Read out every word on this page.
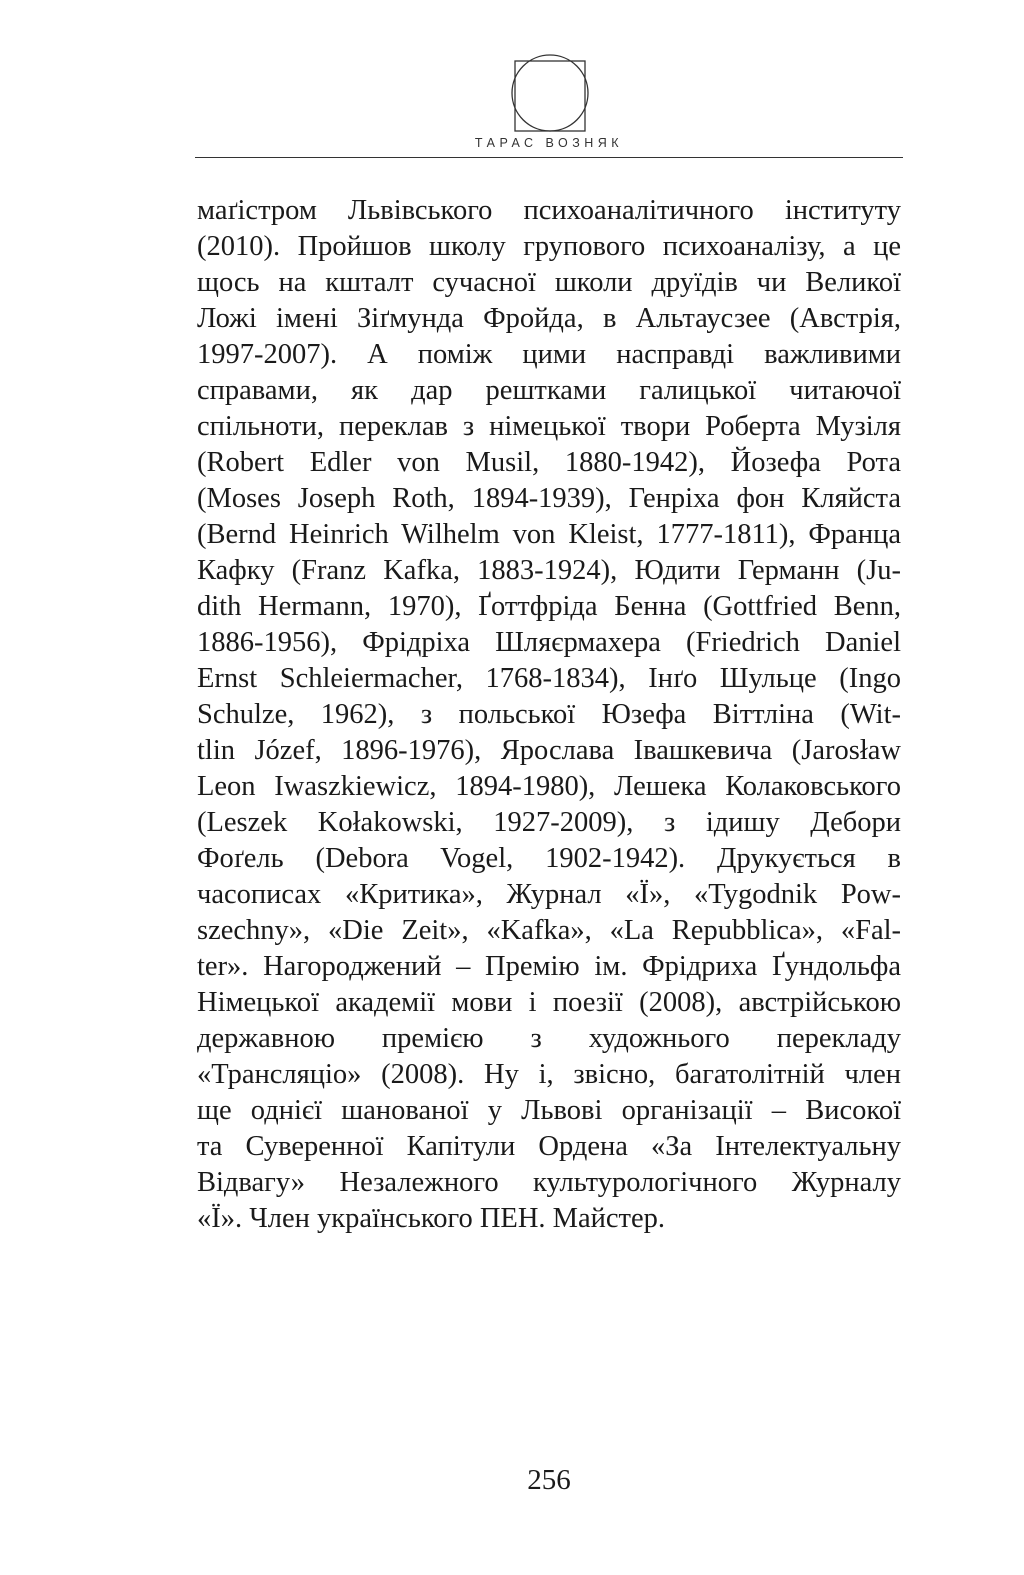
ТАРАС ВОЗНЯК
маґістром Львівського психоаналітичного інституту
(2010). Пройшов школу групового психоаналізу, а це
щось на кшталт сучасної школи друїдів чи Великої
Ложі імені Зіґмунда Фройда, в Альтаусзее (Австрія,
1997-2007). А поміж цими насправді важливими
справами, як дар рештками галицької читаючої
спільноти, переклав з німецької твори Роберта Музіля
(Robert Edler von Musil, 1880-1942), Йозефа Рота
(Moses Joseph Roth, 1894-1939), Генріха фон Кляйста
(Bernd Heinrich Wilhelm von Kleist, 1777-1811), Франца
Кафку (Franz Kafka, 1883-1924), Юдити Германн (Ju-
dith Hermann, 1970), Ґоттфріда Бенна (Gottfried Benn,
1886-1956), Фрідріха Шляєрмахера (Friedrich Daniel
Ernst Schleiermacher, 1768-1834), Інґо Шульце (Ingo
Schulze, 1962), з польської Юзефа Віттліна (Wit-
tlin Józef, 1896-1976), Ярослава Івашкевича (Jarosław
Leon Iwaszkiewicz, 1894-1980), Лешека Колаковського
(Leszek Kołakowski, 1927-2009), з ідишу Дебори
Фоґель (Debora Vogel, 1902-1942). Друкується в
часописах «Критика», Журнал «Ї», «Tygodnik Pow-
szechny», «Die Zeit», «Kafka», «La Repubblica», «Fal-
ter». Нагороджений – Премію ім. Фрідриха Ґундольфа
Німецької академії мови і поезії (2008), австрійською
державною премією з художнього перекладу
«Трансляціо» (2008). Ну і, звісно, багатолітній член
ще однієї шанованої у Львові організації – Високої
та Суверенної Капітули Ордена «За Інтелектуальну
Відвагу» Незалежного культурологічного Журналу
«Ї». Член українського ПЕН. Майстер.
256
